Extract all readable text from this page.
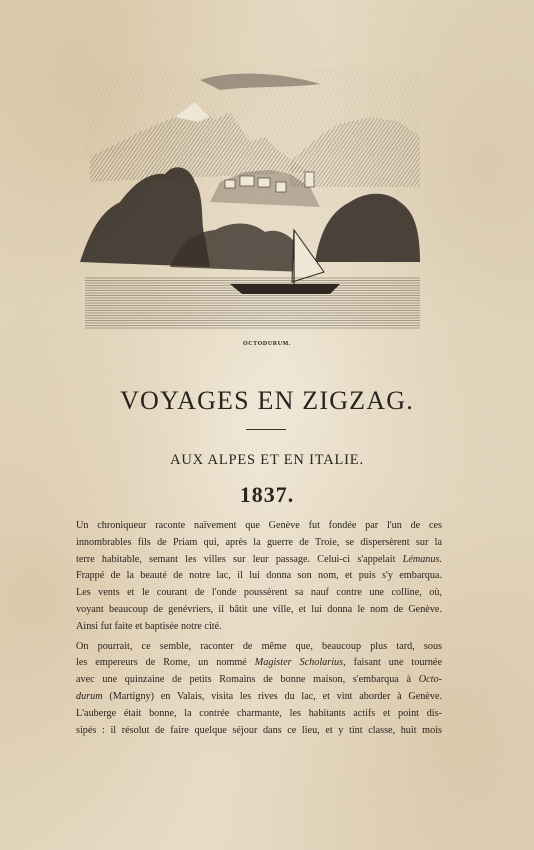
OCTODURUM.
VOYAGES EN ZIGZAG.
AUX ALPES ET EN ITALIE.
1837.

Un chroniqueur raconte naïvement que Genève fut fondée par l'un de ces
innombrables fils de Priam qui, après la guerre de Troie, se dispersèrent sur la
terre habitable, semant les villes sur leur passage. Celui-ci s'appelait Lémanus.
Frappé de la beauté de notre lac, il lui donna son nom, et puis s'y embarqua.
Les vents et le courant de l'onde poussèrent sa nauf contre une colline, où,
voyant beaucoup de genévriers, il bâtit une ville, et lui donna le nom de Genève.
Ainsi fut faite et baptisée notre cité.

On pourrait, ce semble, raconter de même que, beaucoup plus tard, sous
les empereurs de Rome, un nommé Magister Scholarius, faisant une tournée
avec une quinzaine de petits Romains de bonne maison, s'embarqua à Octo-
durum (Martigny) en Valais, visita les rives du lac, et vint aborder à Genève.
L'auberge était bonne, la contrée charmante, les habitants actifs et point dis-
sipés : il résolut de faire quelque séjour dans ce lieu, et y tint classe, huit mois
